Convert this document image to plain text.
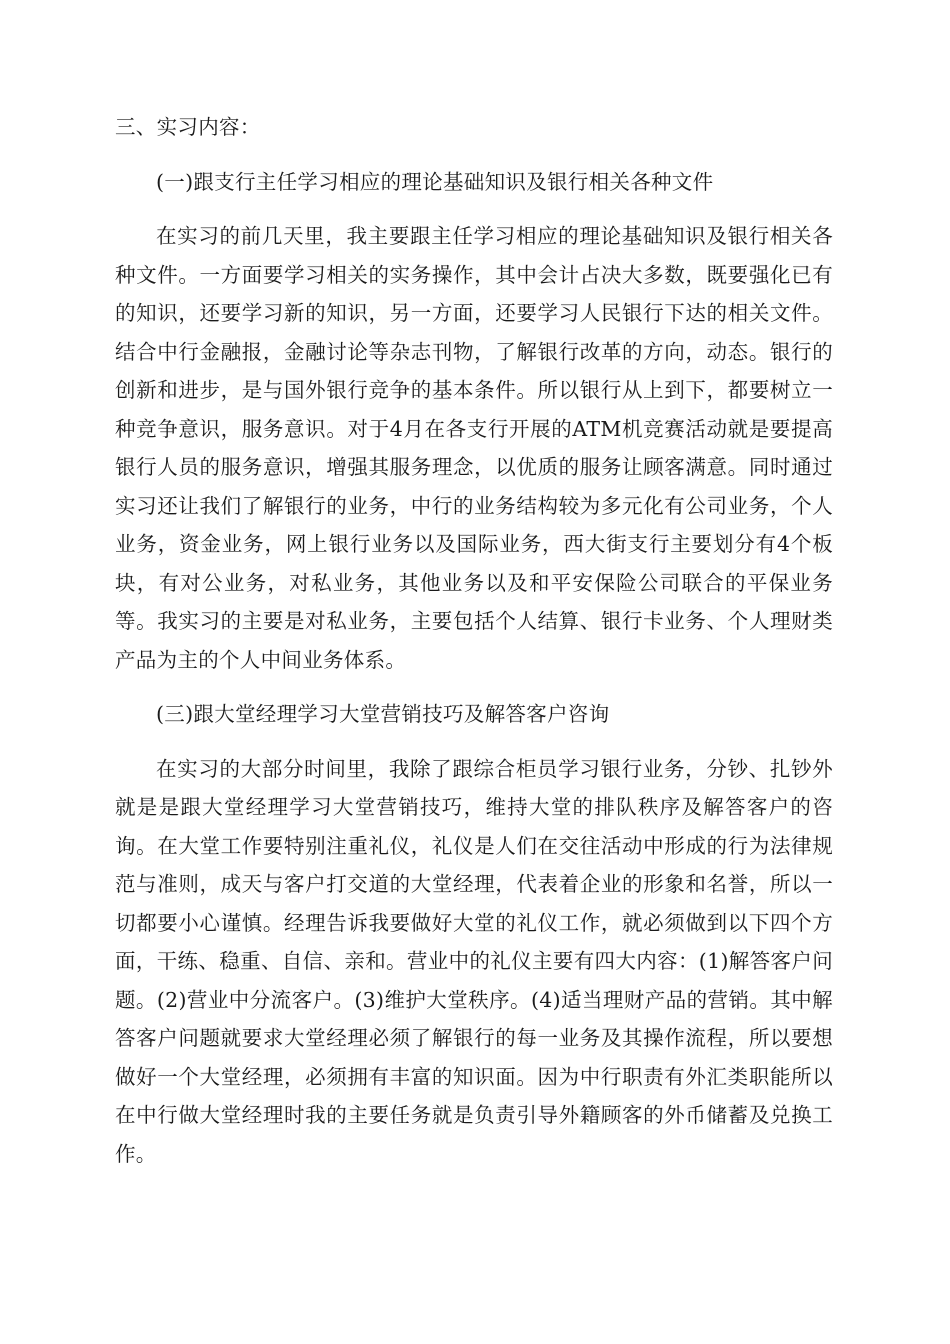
三、实习内容：

(一)跟支行主任学习相应的理论基础知识及银行相关各种文件

在实习的前几天里，我主要跟主任学习相应的理论基础知识及银行相关各种文件。一方面要学习相关的实务操作，其中会计占决大多数，既要强化已有的知识，还要学习新的知识，另一方面，还要学习人民银行下达的相关文件。结合中行金融报，金融讨论等杂志刊物，了解银行改革的方向，动态。银行的创新和进步，是与国外银行竞争的基本条件。所以银行从上到下，都要树立一种竞争意识，服务意识。对于4月在各支行开展的ATM机竞赛活动就是要提高银行人员的服务意识，增强其服务理念，以优质的服务让顾客满意。同时通过实习还让我们了解银行的业务，中行的业务结构较为多元化有公司业务，个人业务，资金业务，网上银行业务以及国际业务，西大街支行主要划分有4个板块，有对公业务，对私业务，其他业务以及和平安保险公司联合的平保业务等。我实习的主要是对私业务，主要包括个人结算、银行卡业务、个人理财类产品为主的个人中间业务体系。

(三)跟大堂经理学习大堂营销技巧及解答客户咨询

在实习的大部分时间里，我除了跟综合柜员学习银行业务，分钞、扎钞外就是是跟大堂经理学习大堂营销技巧，维持大堂的排队秩序及解答客户的咨询。在大堂工作要特别注重礼仪，礼仪是人们在交往活动中形成的行为法律规范与准则，成天与客户打交道的大堂经理，代表着企业的形象和名誉，所以一切都要小心谨慎。经理告诉我要做好大堂的礼仪工作，就必须做到以下四个方面，干练、稳重、自信、亲和。营业中的礼仪主要有四大内容：(1)解答客户问题。(2)营业中分流客户。(3)维护大堂秩序。(4)适当理财产品的营销。其中解答客户问题就要求大堂经理必须了解银行的每一业务及其操作流程，所以要想做好一个大堂经理，必须拥有丰富的知识面。因为中行职责有外汇类职能所以在中行做大堂经理时我的主要任务就是负责引导外籍顾客的外币储蓄及兑换工作。
